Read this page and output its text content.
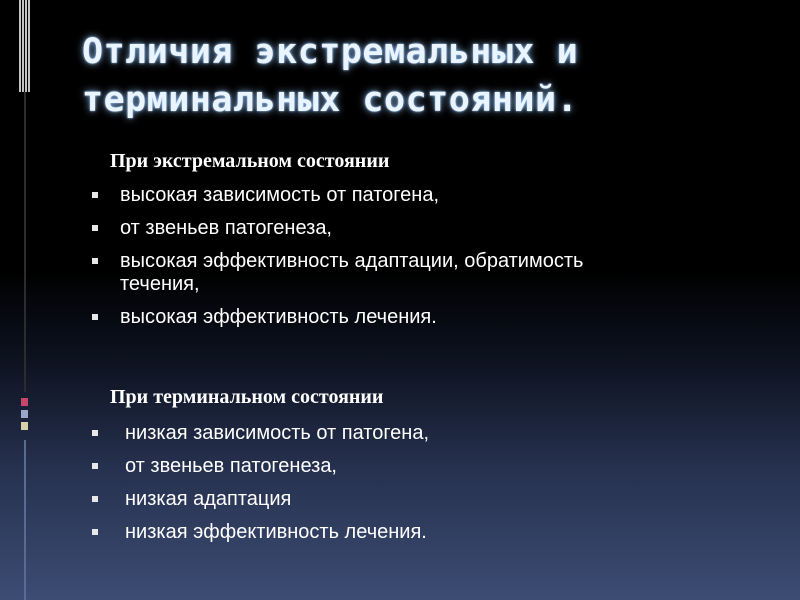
Отличия экстремальных и терминальных состояний.
При экстремальном состоянии
высокая зависимость от патогена,
от звеньев патогенеза,
высокая эффективность адаптации, обратимость течения,
высокая эффективность лечения.
При терминальном состоянии
низкая зависимость от патогена,
от звеньев патогенеза,
низкая адаптация
низкая эффективность лечения.
